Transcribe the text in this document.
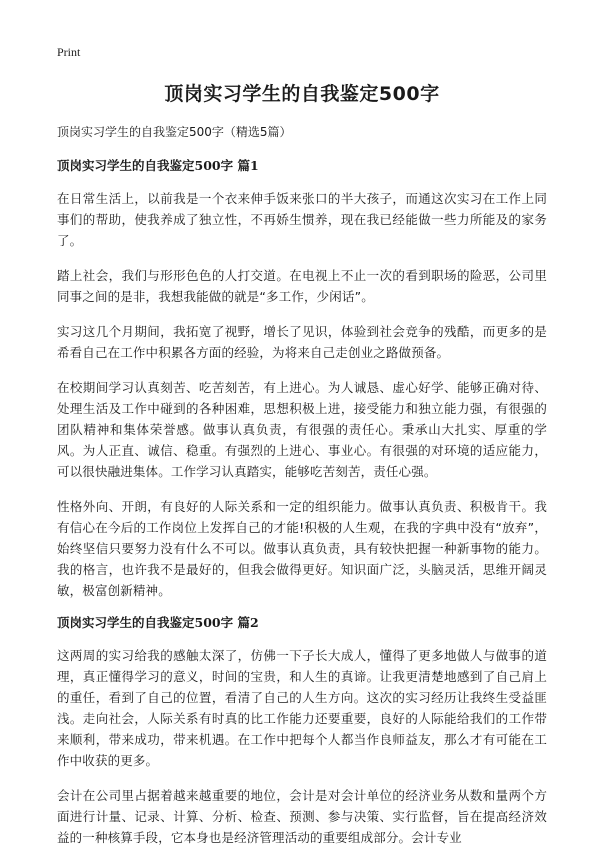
Print
顶岗实习学生的自我鉴定500字
顶岗实习学生的自我鉴定500字（精选5篇）
顶岗实习学生的自我鉴定500字 篇1

在日常生活上，以前我是一个衣来伸手饭来张口的半大孩子，而通这次实习在工作上同事们的帮助，使我养成了独立性，不再娇生惯养，现在我已经能做一些力所能及的家务了。

踏上社会，我们与形形色色的人打交道。在电视上不止一次的看到职场的险恶，公司里同事之间的是非，我想我能做的就是“多工作，少闲话”。

实习这几个月期间，我拓宽了视野，增长了见识，体验到社会竞争的残酷，而更多的是希看自己在工作中积累各方面的经验，为将来自己走创业之路做预备。

在校期间学习认真刻苦、吃苦刻苦，有上进心。为人诚恳、虚心好学、能够正确对待、处理生活及工作中碰到的各种困难，思想积极上进，接受能力和独立能力强，有很强的团队精神和集体荣誉感。做事认真负责，有很强的责任心。秉承山大扎实、厚重的学风。为人正直、诚信、稳重。有强烈的上进心、事业心。有很强的对环境的适应能力，可以很快融进集体。工作学习认真踏实，能够吃苦刻苦，责任心强。

性格外向、开朗，有良好的人际关系和一定的组织能力。做事认真负责、积极肯干。我有信心在今后的工作岗位上发挥自己的才能!积极的人生观，在我的字典中没有“放弃”，始终坚信只要努力没有什么不可以。做事认真负责，具有较快把握一种新事物的能力。我的格言，也许我不是最好的，但我会做得更好。知识面广泛，头脑灵活，思维开阔灵敏，极富创新精神。

顶岗实习学生的自我鉴定500字 篇2

这两周的实习给我的感触太深了，仿佛一下子长大成人，懂得了更多地做人与做事的道理，真正懂得学习的意义，时间的宝贵，和人生的真谛。让我更清楚地感到了自己肩上的重任，看到了自己的位置，看清了自己的人生方向。这次的实习经历让我终生受益匪浅。走向社会，人际关系有时真的比工作能力还要重要，良好的人际能给我们的工作带来顺利，带来成功，带来机遇。在工作中把每个人都当作良师益友，那么才有可能在工作中收获的更多。

会计在公司里占据着越来越重要的地位，会计是对会计单位的经济业务从数和量两个方面进行计量、记录、计算、分析、检查、预测、参与决策、实行监督，旨在提高经济效益的一种核算手段，它本身也是经济管理活动的重要组成部分。会计专业
